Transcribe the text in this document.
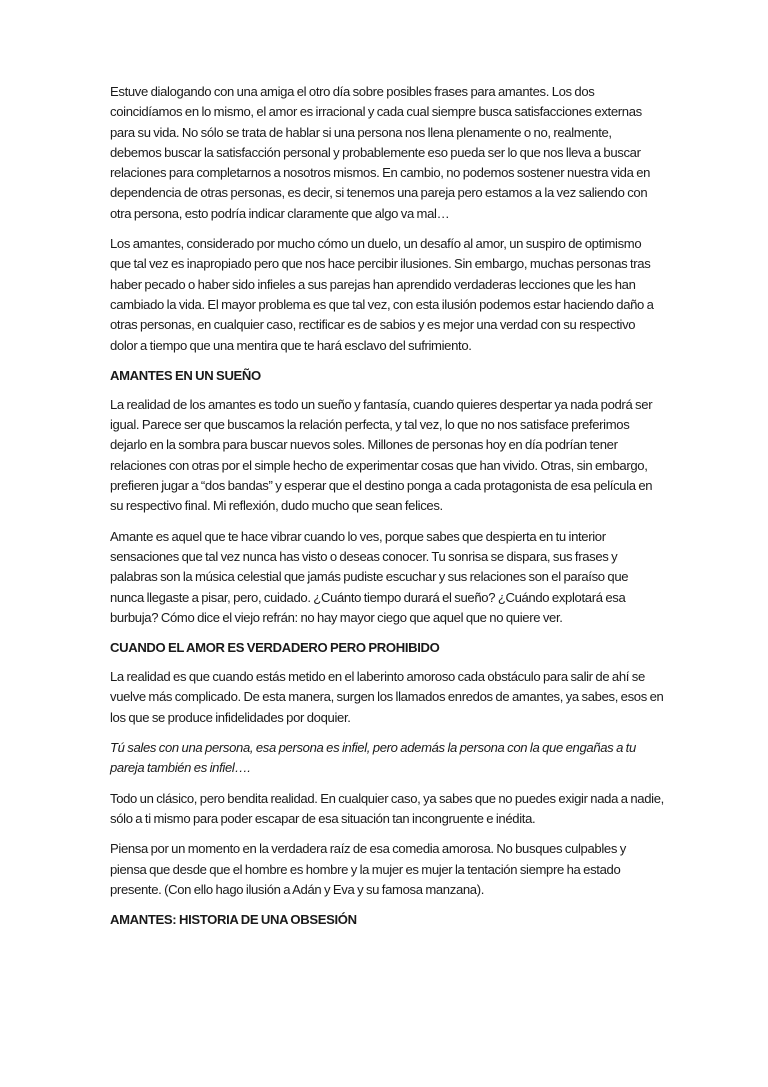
Estuve dialogando con una amiga el otro día sobre posibles frases para amantes. Los dos coincidíamos en lo mismo, el amor es irracional y cada cual siempre busca satisfacciones externas para su vida. No sólo se trata de hablar si una persona nos llena plenamente o no, realmente, debemos buscar la satisfacción personal y probablemente eso pueda ser lo que nos lleva a buscar relaciones para completarnos a nosotros mismos. En cambio, no podemos sostener nuestra vida en dependencia de otras personas, es decir, si tenemos una pareja pero estamos a la vez saliendo con otra persona, esto podría indicar claramente que algo va mal…

Los amantes, considerado por mucho cómo un duelo, un desafío al amor, un suspiro de optimismo que tal vez es inapropiado pero que nos hace percibir ilusiones. Sin embargo, muchas personas tras haber pecado o haber sido infieles a sus parejas han aprendido verdaderas lecciones que les han cambiado la vida. El mayor problema es que tal vez, con esta ilusión podemos estar haciendo daño a otras personas, en cualquier caso, rectificar es de sabios y es mejor una verdad con su respectivo dolor a tiempo que una mentira que te hará esclavo del sufrimiento.

AMANTES EN UN SUEÑO

La realidad de los amantes es todo un sueño y fantasía, cuando quieres despertar ya nada podrá ser igual. Parece ser que buscamos la relación perfecta, y tal vez, lo que no nos satisface preferimos dejarlo en la sombra para buscar nuevos soles. Millones de personas hoy en día podrían tener relaciones con otras por el simple hecho de experimentar cosas que han vivido. Otras, sin embargo, prefieren jugar a “dos bandas” y esperar que el destino ponga a cada protagonista de esa película en su respectivo final. Mi reflexión, dudo mucho que sean felices.

Amante es aquel que te hace vibrar cuando lo ves, porque sabes que despierta en tu interior sensaciones que tal vez nunca has visto o deseas conocer. Tu sonrisa se dispara, sus frases y palabras son la música celestial que jamás pudiste escuchar y sus relaciones son el paraíso que nunca llegaste a pisar, pero, cuidado. ¿Cuánto tiempo durará el sueño? ¿Cuándo explotará esa burbuja? Cómo dice el viejo refrán: no hay mayor ciego que aquel que no quiere ver.

CUANDO EL AMOR ES VERDADERO PERO PROHIBIDO

La realidad es que cuando estás metido en el laberinto amoroso cada obstáculo para salir de ahí se vuelve más complicado. De esta manera, surgen los llamados enredos de amantes, ya sabes, esos en los que se produce infidelidades por doquier.

Tú sales con una persona, esa persona es infiel, pero además la persona con la que engañas a tu pareja también es infiel….

Todo un clásico, pero bendita realidad. En cualquier caso, ya sabes que no puedes exigir nada a nadie, sólo a ti mismo para poder escapar de esa situación tan incongruente e inédita.

Piensa por un momento en la verdadera raíz de esa comedia amorosa. No busques culpables y piensa que desde que el hombre es hombre y la mujer es mujer la tentación siempre ha estado presente. (Con ello hago ilusión a Adán y Eva y su famosa manzana).

AMANTES: HISTORIA DE UNA OBSESIÓN
